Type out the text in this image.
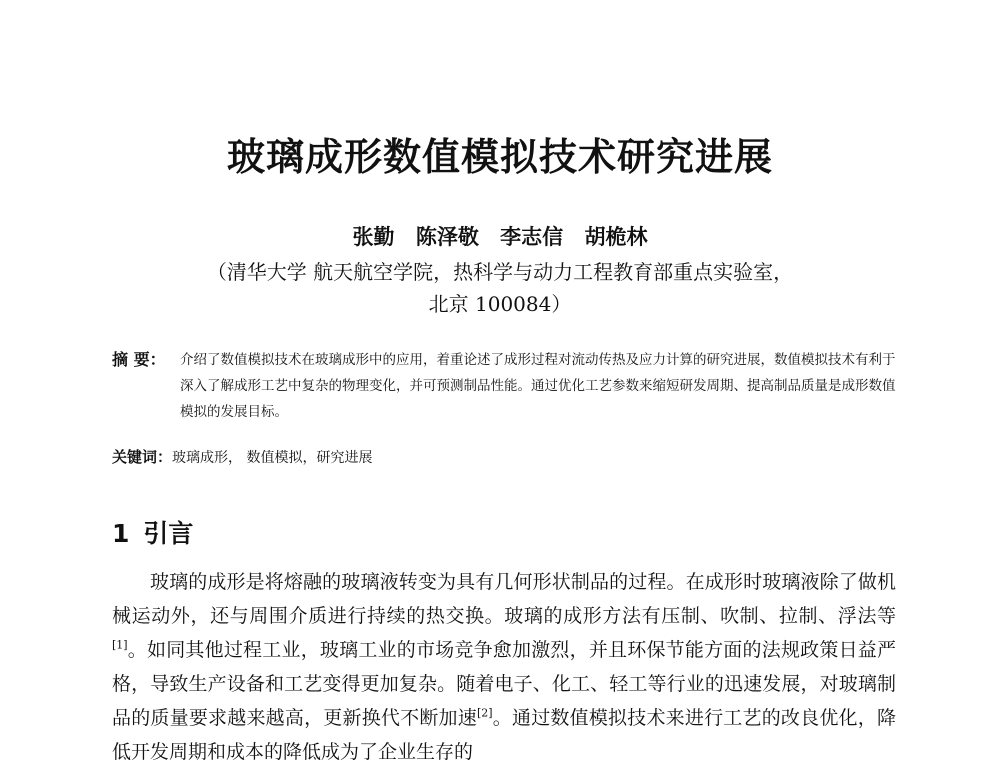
玻璃成形数值模拟技术研究进展
张勤 陈泽敬 李志信 胡桅林
（清华大学 航天航空学院，热科学与动力工程教育部重点实验室，
北京 100084）
摘 要： 介绍了数值模拟技术在玻璃成形中的应用，着重论述了成形过程对流动传热及应力计算的研究进展，数值模拟技术有利于深入了解成形工艺中复杂的物理变化，并可预测制品性能。通过优化工艺参数来缩短研发周期、提高制品质量是成形数值模拟的发展目标。
关键词：玻璃成形， 数值模拟，研究进展
1 引言
玻璃的成形是将熔融的玻璃液转变为具有几何形状制品的过程。在成形时玻璃液除了做机械运动外，还与周围介质进行持续的热交换。玻璃的成形方法有压制、吹制、拉制、浮法等[1]。如同其他过程工业，玻璃工业的市场竞争愈加激烈，并且环保节能方面的法规政策日益严格，导致生产设备和工艺变得更加复杂。随着电子、化工、轻工等行业的迅速发展，对玻璃制品的质量要求越来越高，更新换代不断加速[2]。通过数值模拟技术来进行工艺的改良优化，降低开发周期和成本的降低成为了企业生存的
